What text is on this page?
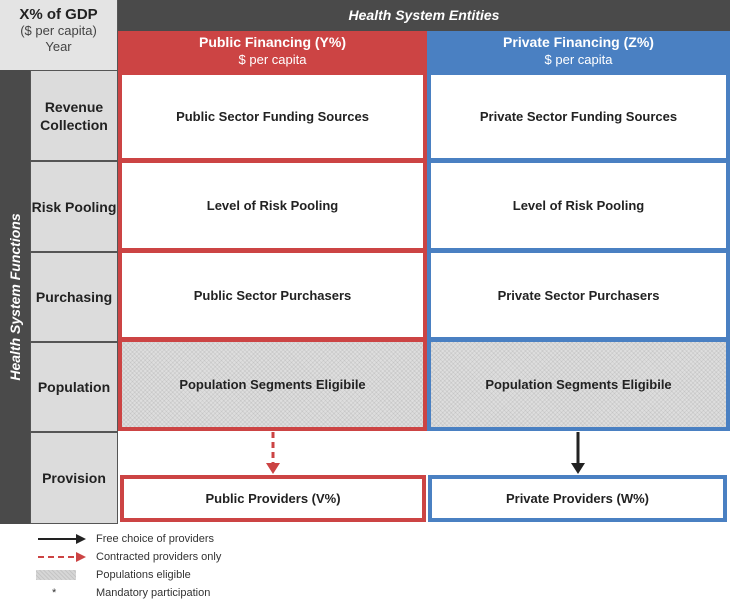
X% of GDP
($ per capita)
Year
Health System Entities
Public Financing (Y%)
$ per capita
Private Financing (Z%)
$ per capita
Health System Functions
Revenue Collection
Risk Pooling
Purchasing
Population
Provision
Public Sector Funding Sources
Level of Risk Pooling
Public Sector Purchasers
Population Segments Eligibile
Private Sector Funding Sources
Level of Risk Pooling
Private Sector Purchasers
Population Segments Eligibile
Public Providers (V%)	Private Providers (W%)
Free choice of providers
Contracted providers only
Populations eligible
*	Mandatory participation
